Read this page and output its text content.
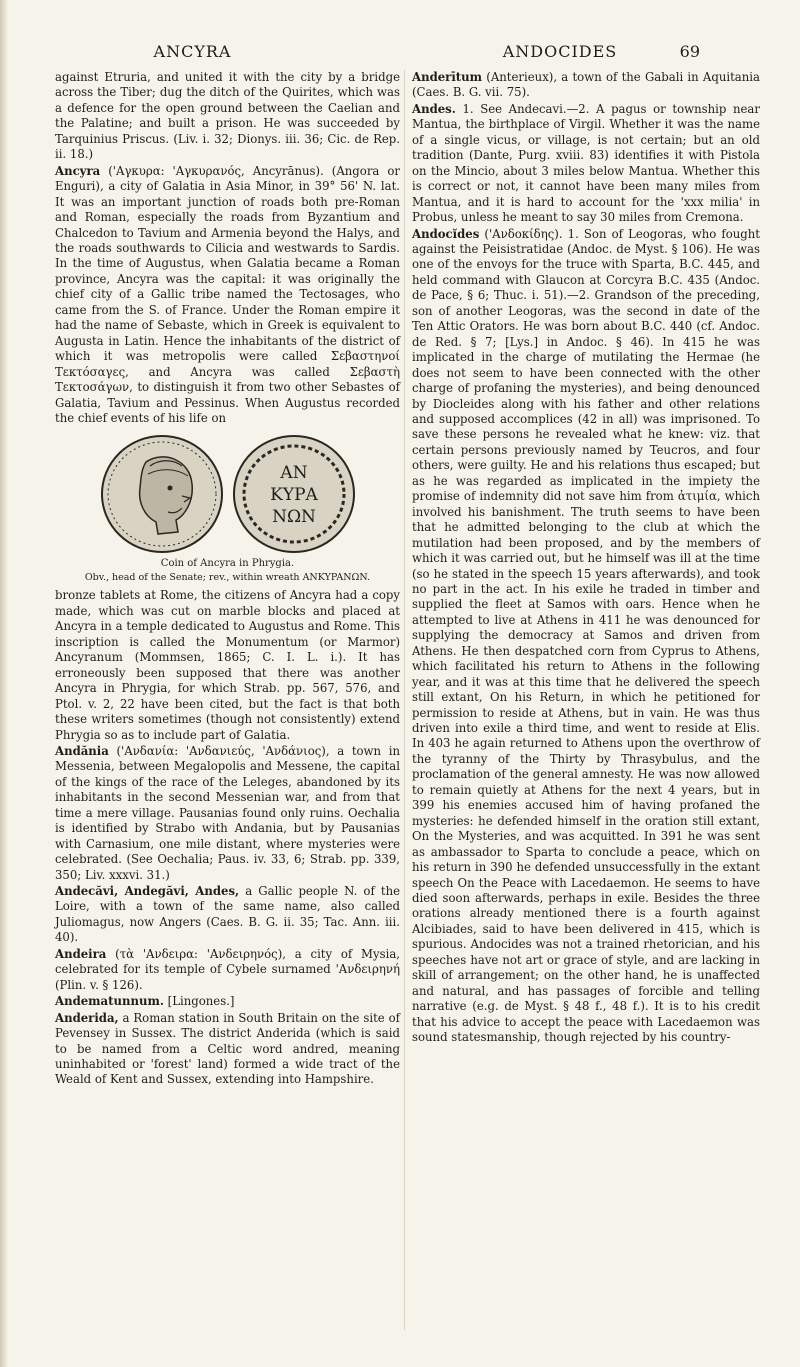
ANCYRA	ANDOCIDES	69

against Etruria, and united it with the city by a bridge across the Tiber; dug the ditch of the Quirites, which was a defence for the open ground between the Caelian and the Palatine; and built a prison. He was succeeded by Tarquinius Priscus. (Liv. i. 32; Dionys. iii. 36; Cic. de Rep. ii. 18.)

Ancyra ('Αγκυρα: 'Αγκυρανός, Ancyrānus). (Angora or Enguri), a city of Galatia in Asia Minor, in 39° 56' N. lat. It was an important junction of roads both pre-Roman and Roman, especially the roads from Byzantium and Chalcedon to Tavium and Armenia beyond the Halys, and the roads southwards to Cilicia and westwards to Sardis. In the time of Augustus, when Galatia became a Roman province, Ancyra was the capital: it was originally the chief city of a Gallic tribe named the Tectosages, who came from the S. of France. Under the Roman empire it had the name of Sebaste, which in Greek is equivalent to Augusta in Latin. Hence the inhabitants of the district of which it was metropolis were called Σεβαστηνοί Τεκτόσαγες, and Ancyra was called Σεβαστὴ Τεκτοσάγων, to distinguish it from two other Sebastes of Galatia, Tavium and Pessinus. When Augustus recorded the chief events of his life on

ΑΝ
ΚΥΡΑ
ΝΩΝ
Coin of Ancyra in Phrygia.
Obv., head of the Senate; rev., within wreath ANKYPANΩN.

bronze tablets at Rome, the citizens of Ancyra had a copy made, which was cut on marble blocks and placed at Ancyra in a temple dedicated to Augustus and Rome. This inscription is called the Monumentum (or Marmor) Ancyranum (Mommsen, 1865; C. I. L. i.). It has erroneously been supposed that there was another Ancyra in Phrygia, for which Strab. pp. 567, 576, and Ptol. v. 2, 22 have been cited, but the fact is that both these writers sometimes (though not consistently) extend Phrygia so as to include part of Galatia.

Andănia ('Ανδανία: 'Ανδανιεύς, 'Ανδάνιος), a town in Messenia, between Megalopolis and Messene, the capital of the kings of the race of the Leleges, abandoned by its inhabitants in the second Messenian war, and from that time a mere village. Pausanias found only ruins. Oechalia is identified by Strabo with Andania, but by Pausanias with Carnasium, one mile distant, where mysteries were celebrated. (See Oechalia; Paus. iv. 33, 6; Strab. pp. 339, 350; Liv. xxxvi. 31.)

Andecăvi, Andegăvi, Andes, a Gallic people N. of the Loire, with a town of the same name, also called Juliomagus, now Angers (Caes. B. G. ii. 35; Tac. Ann. iii. 40).

Andeira (τὰ 'Ανδειρα: 'Ανδειρηνός), a city of Mysia, celebrated for its temple of Cybele surnamed 'Ανδειρηνή (Plin. v. § 126).

Andematunnum. [Lingones.]

Anderida, a Roman station in South Britain on the site of Pevensey in Sussex. The district Anderida (which is said to be named from a Celtic word andred, meaning uninhabited or 'forest' land) formed a wide tract of the Weald of Kent and Sussex, extending into Hampshire.

Anderītum (Anterieux), a town of the Gabali in Aquitania (Caes. B. G. vii. 75).

Andes. 1. See Andecavi.—2. A pagus or township near Mantua, the birthplace of Virgil. Whether it was the name of a single vicus, or village, is not certain; but an old tradition (Dante, Purg. xviii. 83) identifies it with Pistola on the Mincio, about 3 miles below Mantua. Whether this is correct or not, it cannot have been many miles from Mantua, and it is hard to account for the 'xxx milia' in Probus, unless he meant to say 30 miles from Cremona.

Andocĭdes ('Ανδοκίδης). 1. Son of Leogoras, who fought against the Peisistratidae (Andoc. de Myst. § 106). He was one of the envoys for the truce with Sparta, B.C. 445, and held command with Glaucon at Corcyra B.C. 435 (Andoc. de Pace, § 6; Thuc. i. 51).—2. Grandson of the preceding, son of another Leogoras, was the second in date of the Ten Attic Orators. He was born about B.C. 440 (cf. Andoc. de Red. § 7; [Lys.] in Andoc. § 46). In 415 he was implicated in the charge of mutilating the Hermae (he does not seem to have been connected with the other charge of profaning the mysteries), and being denounced by Diocleides along with his father and other relations and supposed accomplices (42 in all) was imprisoned. To save these persons he revealed what he knew: viz. that certain persons previously named by Teucros, and four others, were guilty. He and his relations thus escaped; but as he was regarded as implicated in the impiety the promise of indemnity did not save him from ἀτιμία, which involved his banishment. The truth seems to have been that he admitted belonging to the club at which the mutilation had been proposed, and by the members of which it was carried out, but he himself was ill at the time (so he stated in the speech 15 years afterwards), and took no part in the act. In his exile he traded in timber and supplied the fleet at Samos with oars. Hence when he attempted to live at Athens in 411 he was denounced for supplying the democracy at Samos and driven from Athens. He then despatched corn from Cyprus to Athens, which facilitated his return to Athens in the following year, and it was at this time that he delivered the speech still extant, On his Return, in which he petitioned for permission to reside at Athens, but in vain. He was thus driven into exile a third time, and went to reside at Elis. In 403 he again returned to Athens upon the overthrow of the tyranny of the Thirty by Thrasybulus, and the proclamation of the general amnesty. He was now allowed to remain quietly at Athens for the next 4 years, but in 399 his enemies accused him of having profaned the mysteries: he defended himself in the oration still extant, On the Mysteries, and was acquitted. In 391 he was sent as ambassador to Sparta to conclude a peace, which on his return in 390 he defended unsuccessfully in the extant speech On the Peace with Lacedaemon. He seems to have died soon afterwards, perhaps in exile. Besides the three orations already mentioned there is a fourth against Alcibiades, said to have been delivered in 415, which is spurious. Andocides was not a trained rhetorician, and his speeches have not art or grace of style, and are lacking in skill of arrangement; on the other hand, he is unaffected and natural, and has passages of forcible and telling narrative (e.g. de Myst. § 48 f., 48 f.). It is to his credit that his advice to accept the peace with Lacedaemon was sound statesmanship, though rejected by his country-
